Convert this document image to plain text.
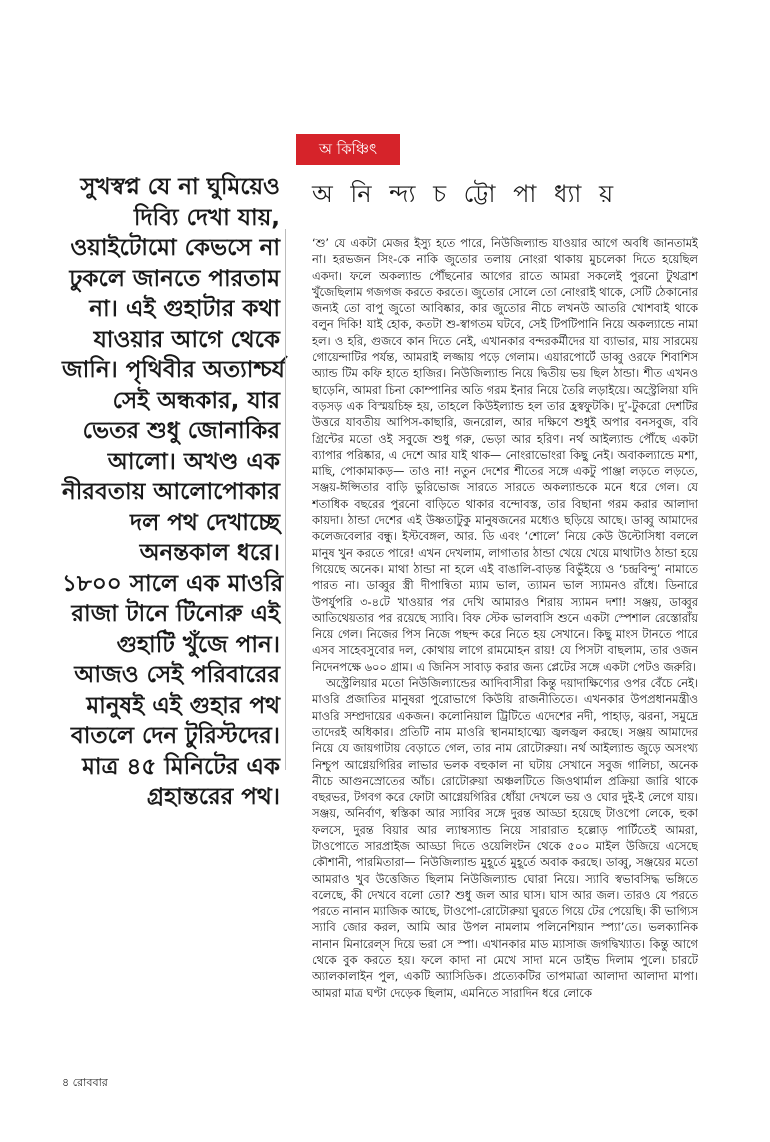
অ কিঞ্চিৎ
অ নি ন্দ্য চ ট্টো পা ধ্যা য়
সুখস্বপ্ন যে না ঘুমিয়েও
দিব্যি দেখা যায়,
ওয়াইটোমো কেভসে না
ঢুকলে জানতে পারতাম
না। এই গুহাটার কথা
যাওয়ার আগে থেকে
জানি। পৃথিবীর অত্যাশ্চর্য
সেই অন্ধকার, যার
ভেতর শুধু জোনাকির
আলো। অখণ্ড এক
নীরবতায় আলোপোকার
দল পথ দেখাচ্ছে
অনন্তকাল ধরে।
১৮০০ সালে এক মাওরি
রাজা টানে টিনোরু এই
গুহাটি খুঁজে পান।
আজও সেই পরিবারের
মানুষই এই গুহার পথ
বাতলে দেন টুরিস্টদের।
মাত্র ৪৫ মিনিটের এক
গ্রহান্তরের পথ।

‘শু’ যে একটা মেজর ইস্যু হতে পারে, নিউজিল্যান্ড যাওয়ার আগে অবধি জানতামই না। হরভজন সিং-কে নাকি জুতোর তলায় নোংরা থাকায় মুচলেকা দিতে হয়েছিল একদা। ফলে অকল্যান্ড পৌঁছনোর আগের রাতে আমরা সকলেই পুরনো টুথব্রাশ খুঁজেছিলাম গজগজ করতে করতে। জুতোর সোলে তো নোংরাই থাকে, সেটি ঠেকানোর জন্যই তো বাপু জুতো আবিষ্কার, কার জুতোর নীচে লখনউ আতরি খোশবাই থাকে বলুন দিকি! যাই হোক, কতটা শু-স্বাগতম ঘটবে, সেই টিপটিপানি নিয়ে অকল্যান্ডে নামা হল। ও হরি, গুজবে কান দিতে নেই, এখানকার বন্দরকর্মীদের যা ব্যাভার, মায় সারমেয় গোয়েন্দাটির পর্যন্ত, আমরাই লজ্জায় পড়ে গেলাম। এয়ারপোর্টে ডাব্বু ওরফে শিবাশিস অ্যান্ড টিম কফি হাতে হাজির। নিউজিল্যান্ড নিয়ে দ্বিতীয় ভয় ছিল ঠান্ডা। শীত এখনও ছাড়েনি, আমরা চিনা কোম্পানির অতি গরম ইনার নিয়ে তৈরি লড়াইয়ে। অস্ট্রেলিয়া যদি বড়সড় এক বিস্ময়চিহ্ন হয়, তাহলে কিউইল্যান্ড হল তার হ্রস্বফুটকি। দু’-টুকরো দেশটির উত্তরে যাবতীয় আপিস-কাছারি, জনরোল, আর দক্ষিণে শুধুই অপার বনসবুজ, ববি গ্রিন্টের মতো ওই সবুজে শুধু গরু, ভেড়া আর হরিণ। নর্থ আইল্যান্ড পৌঁছে একটা ব্যাপার পরিষ্কার, এ দেশে আর যাই থাক— নোংরাভোংরা কিছু নেই। অবাকল্যান্ডে মশা, মাছি, পোকামাকড়— তাও না! নতুন দেশের শীতের সঙ্গে একটু পাঞ্জা লড়তে লড়তে, সঞ্জয়-ঈপ্সিতার বাড়ি ভুরিভোজ সারতে সারতে অকল্যান্ডকে মনে ধরে গেল। যে শতাধিক বছরের পুরনো বাড়িতে থাকার বন্দোবস্ত, তার বিছানা গরম করার আলাদা কায়দা। ঠান্ডা দেশের এই উষ্ণতাটুকু মানুষজনের মধ্যেও ছড়িয়ে আছে। ডাব্বু আমাদের কলেজবেলার বন্ধু। ইস্টবেঙ্গল, আর. ডি এবং ‘শোলে’ নিয়ে কেউ উল্টোসিধা বললে মানুষ খুন করতে পারে! এখন দেখলাম, লাগাতার ঠান্ডা খেয়ে খেয়ে মাথাটাও ঠান্ডা হয়ে গিয়েছে অনেক। মাথা ঠান্ডা না হলে এই বাঙালি-বাড়ন্ত বিভুঁইয়ে ও ‘চন্দ্রবিন্দু’ নামাতে পারত না। ডাব্বুর স্ত্রী দীপান্বিতা ম্যাম ভাল, ত্যামন ভাল স্যামনও রাঁধে। ডিনারে উপর্যুপরি ৩-৪টে খাওয়ার পর দেখি আমারও শিরায় স্যামন দশা! সঞ্জয়, ডাব্বুর আতিথেয়তার পর রয়েছে স্যাবি। বিফ স্টেক ভালবাসি শুনে একটা স্পেশাল রেস্তোরাঁয় নিয়ে গেল। নিজের পিস নিজে পছন্দ করে নিতে হয় সেখানে। কিছু মাংস টানতে পারে এসব সাহেবসুবোর দল, কোথায় লাগে রামমোহন রায়! যে পিসটা বাছলাম, তার ওজন নিদেনপক্ষে ৬০০ গ্রাম। এ জিনিস সাবাড় করার জন্য প্লেটের সঙ্গে একটা পেটও জরুরি।

অস্ট্রেলিয়ার মতো নিউজিল্যান্ডের আদিবাসীরা কিন্তু দয়াদাক্ষিণ্যের ওপর বেঁচে নেই। মাওরি প্রজাতির মানুষরা পুরোভাগে কিউয়ি রাজনীতিতে। এখনকার উপপ্রধানমন্ত্রীও মাওরি সম্প্রদায়ের একজন। কলোনিয়াল ট্রিটিতে এদেশের নদী, পাহাড়, ঝরনা, সমুদ্রে তাদেরই অধিকার। প্রতিটি নাম মাওরি স্থানমাহাত্ম্যে জ্বলজ্বল করছে। সঞ্জয় আমাদের নিয়ে যে জায়গাটায় বেড়াতে গেল, তার নাম রোটোরুয়া। নর্থ আইল্যান্ড জুড়ে অসংখ্য নিশ্চুপ আগ্নেয়গিরির লাভার ভলক বহুকাল না ঘটায় সেখানে সবুজ গালিচা, অনেক নীচে আগুনস্রোতের আঁচ। রোটোরুয়া অঞ্চলটিতে জিওথার্মাল প্রক্রিয়া জারি থাকে বছরভর, টগবগ করে ফোটা আগ্নেয়গিরির ধোঁয়া দেখলে ভয় ও ঘোর দুই-ই লেগে যায়। সঞ্জয়, অনির্বাণ, স্বস্তিকা আর স্যাবির সঙ্গে দুরন্ত আড্ডা হয়েছে টাওপো লেকে, হুকা ফলসে, দুরন্ত বিয়ার আর ল্যাম্বস্যান্ড নিয়ে সারারাত হল্লোড় পার্টিতেই আমরা, টাওপোতে সারপ্রাইজ আড্ডা দিতে ওয়েলিংটন থেকে ৫০০ মাইল উজিয়ে এসেছে কৌশানী, পারমিতারা— নিউজিল্যান্ড মুহূর্তে মুহূর্তে অবাক করছে। ডাব্বু, সঞ্জয়ের মতো আমরাও খুব উত্তেজিত ছিলাম নিউজিল্যান্ড ঘোরা নিয়ে। স্যাবি স্বভাবসিদ্ধ ভঙ্গিতে বলেছে, কী দেখবে বলো তো? শুধু জল আর ঘাস। ঘাস আর জল। তারও যে পরতে পরতে নানান ম্যাজিক আছে, টাওপো-রোটোরুয়া ঘুরতে গিয়ে টের পেয়েছি। কী ভাগ্যিস স্যাবি জোর করল, আমি আর উপল নামলাম পলিনেশিয়ান স্প্যা’তে। ভলক্যানিক নানান মিনারেল্‌স দিয়ে ভরা সে স্পা। এখানকার মাড ম্যাসাজ জগদ্বিখ্যাত। কিন্তু আগে থেকে বুক করতে হয়। ফলে কাদা না মেখে সাদা মনে ডাইভ দিলাম পুলে। চারটে অ্যালকালাইন পুল, একটি অ্যাসিডিক। প্রত্যেকটির তাপমাত্রা আলাদা আলাদা মাপা। আমরা মাত্র ঘণ্টা দেড়েক ছিলাম, এমনিতে সারাদিন ধরে লোকে

৪ রোববার
